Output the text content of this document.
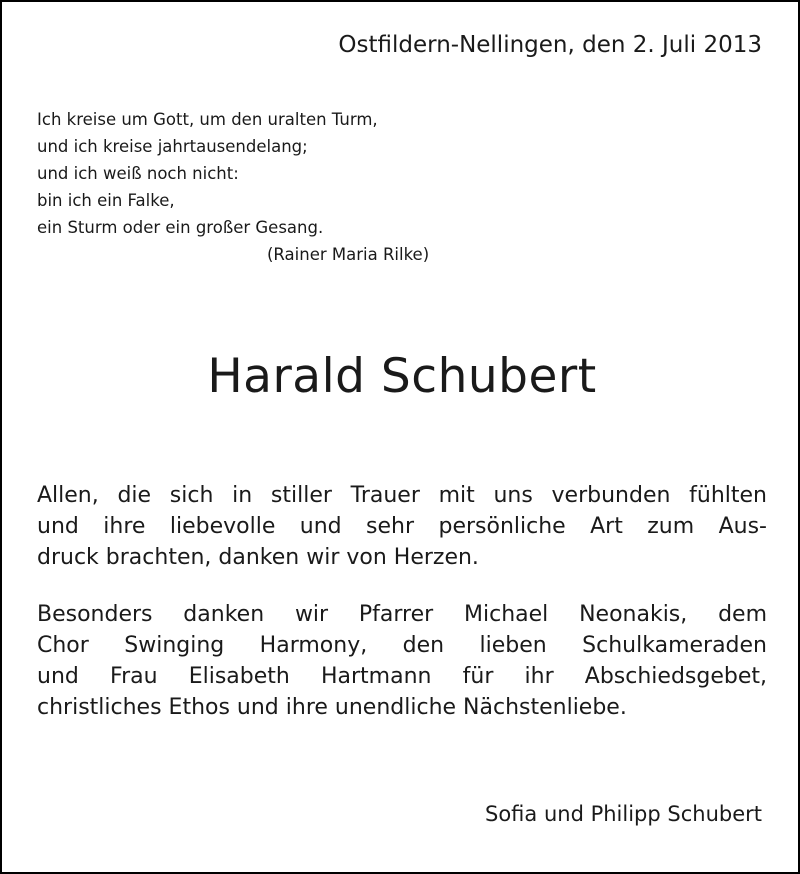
Ostfildern-Nellingen, den 2. Juli 2013
Ich kreise um Gott, um den uralten Turm,
und ich kreise jahrtausendelang;
und ich weiß noch nicht:
bin ich ein Falke,
ein Sturm oder ein großer Gesang.
(Rainer Maria Rilke)
Harald Schubert
Allen, die sich in stiller Trauer mit uns verbunden fühlten
und ihre liebevolle und sehr persönliche Art zum Aus-
druck brachten, danken wir von Herzen.
Besonders danken wir Pfarrer Michael Neonakis, dem
Chor Swinging Harmony, den lieben Schulkameraden
und Frau Elisabeth Hartmann für ihr Abschiedsgebet,
christliches Ethos und ihre unendliche Nächstenliebe.
Sofia und Philipp Schubert
